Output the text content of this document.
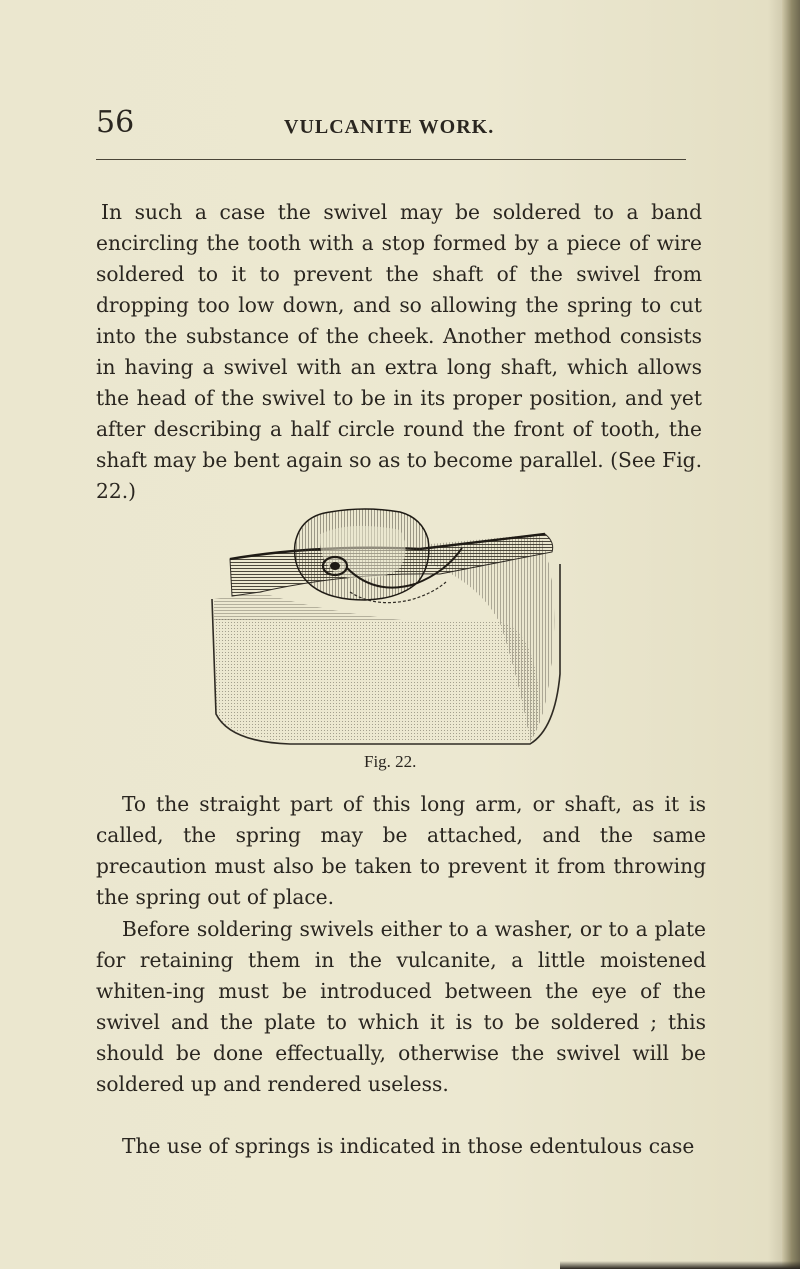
56	VULCANITE WORK.

In such a case the swivel may be soldered to a band encircling the tooth with a stop formed by a piece of wire soldered to it to prevent the shaft of the swivel from dropping too low down, and so allowing the spring to cut into the substance of the cheek. Another method consists in having a swivel with an extra long shaft, which allows the head of the swivel to be in its proper position, and yet after describing a half circle round the front of tooth, the shaft may be bent again so as to become parallel. (See Fig. 22.)

Fig. 22.

To the straight part of this long arm, or shaft, as it is called, the spring may be attached, and the same precaution must also be taken to prevent it from throwing the spring out of place.

Before soldering swivels either to a washer, or to a plate for retaining them in the vulcanite, a little moistened whiten-ing must be introduced between the eye of the swivel and the plate to which it is to be soldered ; this should be done effectually, otherwise the swivel will be soldered up and rendered useless.

The use of springs is indicated in those edentulous case
